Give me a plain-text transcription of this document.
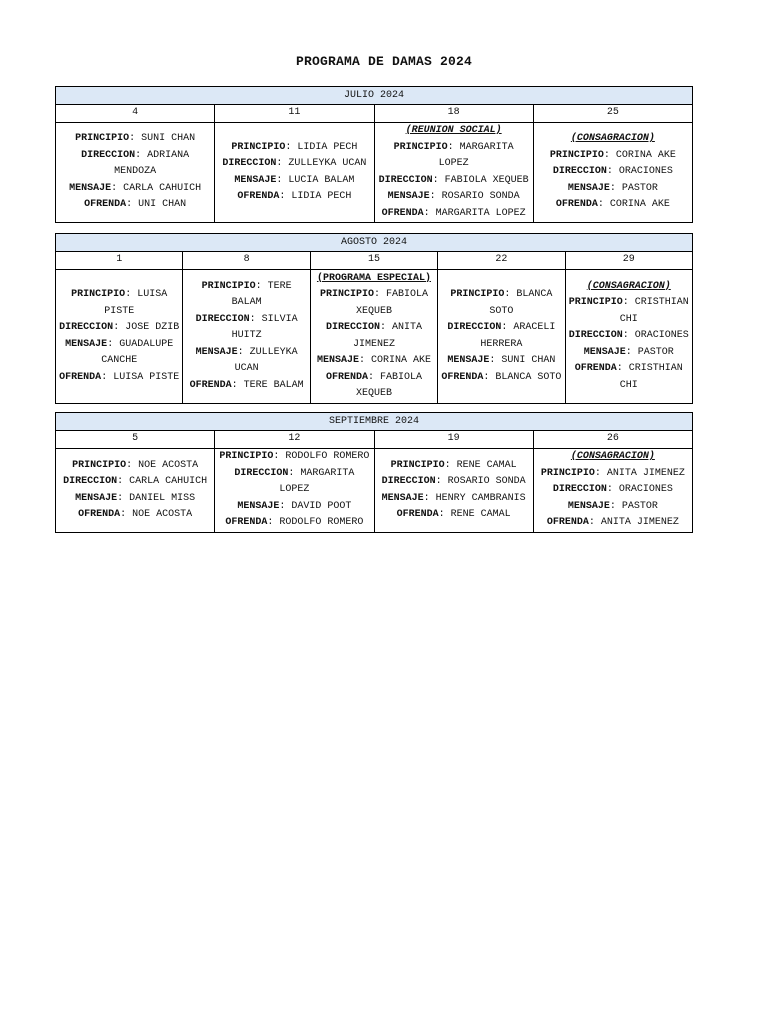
PROGRAMA DE DAMAS 2024
JULIO 2024			
4	11	18	25

PRINCIPIO: SUNI CHAN
DIRECCION: ADRIANA MENDOZA
MENSAJE: CARLA CAHUICH
OFRENDA: UNI CHAN	PRINCIPIO: LIDIA PECH
DIRECCION: ZULLEYKA UCAN
MENSAJE: LUCIA BALAM
OFRENDA: LIDIA PECH	(REUNION SOCIAL)
PRINCIPIO: MARGARITA LOPEZ
DIRECCION: FABIOLA XEQUEB
MENSAJE: ROSARIO SONDA
OFRENDA: MARGARITA LOPEZ	(CONSAGRACION)
PRINCIPIO: CORINA AKE
DIRECCION: ORACIONES
MENSAJE: PASTOR
OFRENDA: CORINA AKE
AGOSTO 2024				
1	8	15	22	29

PRINCIPIO: LUISA PISTE
DIRECCION: JOSE DZIB
MENSAJE: GUADALUPE CANCHE
OFRENDA: LUISA PISTE	PRINCIPIO: TERE BALAM
DIRECCION: SILVIA HUITZ
MENSAJE: ZULLEYKA UCAN
OFRENDA: TERE BALAM	(PROGRAMA ESPECIAL)
PRINCIPIO: FABIOLA XEQUEB
DIRECCION: ANITA JIMENEZ
MENSAJE: CORINA AKE
OFRENDA: FABIOLA XEQUEB	PRINCIPIO: BLANCA SOTO
DIRECCION: ARACELI HERRERA
MENSAJE: SUNI CHAN
OFRENDA: BLANCA SOTO	(CONSAGRACION)
PRINCIPIO: CRISTHIAN CHI
DIRECCION: ORACIONES
MENSAJE: PASTOR
OFRENDA: CRISTHIAN CHI
SEPTIEMBRE 2024			
5	12	19	26

PRINCIPIO: NOE ACOSTA
DIRECCION: CARLA CAHUICH
MENSAJE: DANIEL MISS
OFRENDA: NOE ACOSTA	PRINCIPIO: RODOLFO ROMERO
DIRECCION: MARGARITA LOPEZ
MENSAJE: DAVID POOT
OFRENDA: RODOLFO ROMERO	PRINCIPIO: RENE CAMAL
DIRECCION: ROSARIO SONDA
MENSAJE: HENRY CAMBRANIS
OFRENDA: RENE CAMAL	(CONSAGRACION)
PRINCIPIO: ANITA JIMENEZ
DIRECCION: ORACIONES
MENSAJE: PASTOR
OFRENDA: ANITA JIMENEZ
